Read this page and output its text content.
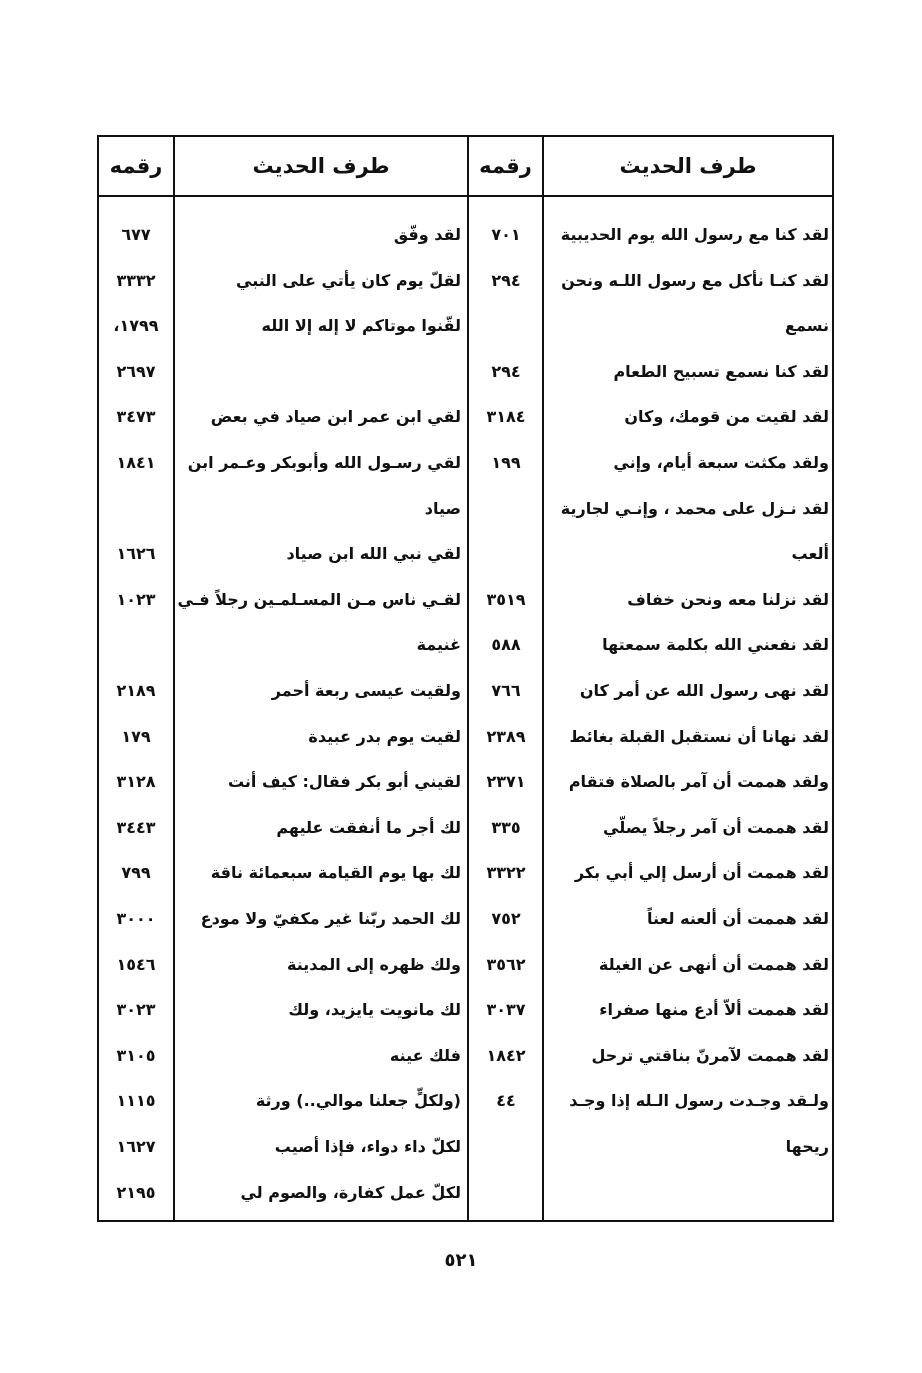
طرف الحديث
رقمه
طرف الحديث
رقمه
لقد كنا مع رسول الله يوم الحديبية
٧٠١
لقد كنـا نأكل مع رسول اللـه ونحن
٢٩٤
نسمع
لقد كنا نسمع تسبيح الطعام
٢٩٤
لقد لقيت من قومك، وكان
٣١٨٤
ولقد مكثت سبعة أيام، وإني
١٩٩
لقد نـزل على محمد ، وإنـي لجارية
ألعب
لقد نزلنا معه ونحن خفاف
٣٥١٩
لقد نفعني الله بكلمة سمعتها
٥٨٨
لقد نهى رسول الله عن أمر كان
٧٦٦
لقد نهانا أن نستقبل القبلة بغائط
٢٣٨٩
ولقد هممت أن آمر بالصلاة فتقام
٢٣٧١
لقد هممت أن آمر رجلاً يصلّي
٣٣٥
لقد هممت أن أرسل إلي أبي بكر
٣٣٢٢
لقد هممت أن ألعنه لعناً
٧٥٢
لقد هممت أن أنهى عن الغيلة
٣٥٦٢
لقد هممت ألاّ أدع منها صفراء
٣٠٣٧
لقد هممت لآمرنّ بناقتي ترحل
١٨٤٢
ولـقد وجـدت رسول الـله إذا وجـد
٤٤
ريحها
لقد وفّق
٦٧٧
لقلّ يوم كان يأتي على النبي
٣٣٣٢
لقّنوا موتاكم لا إله إلا الله
١٧٩٩،
٢٦٩٧
لقي ابن عمر ابن صياد في بعض
٣٤٧٣
لقي رسـول الله وأبوبكر وعـمر ابن
١٨٤١
صياد
لقي نبي الله ابن صياد
١٦٢٦
لقـي ناس مـن المسـلمـين رجلاً فـي
١٠٢٣
غنيمة
ولقيت عيسى ربعة أحمر
٢١٨٩
لقيت يوم بدر عبيدة
١٧٩
لقيني أبو بكر فقال: كيف أنت
٣١٢٨
لك أجر ما أنفقت عليهم
٣٤٤٣
لك بها يوم القيامة سبعمائة ناقة
٧٩٩
لك الحمد ربّنا غير مكفيّ ولا مودع
٣٠٠٠
ولك ظهره إلى المدينة
١٥٤٦
لك مانويت يايزيد، ولك
٣٠٢٣
فلك عينه
٣١٠٥
(ولكلٍّ جعلنا موالي..) ورثة
١١١٥
لكلّ داء دواء، فإذا أصيب
١٦٢٧
لكلّ عمل كفارة، والصوم لي
٢١٩٥
٥٢١
